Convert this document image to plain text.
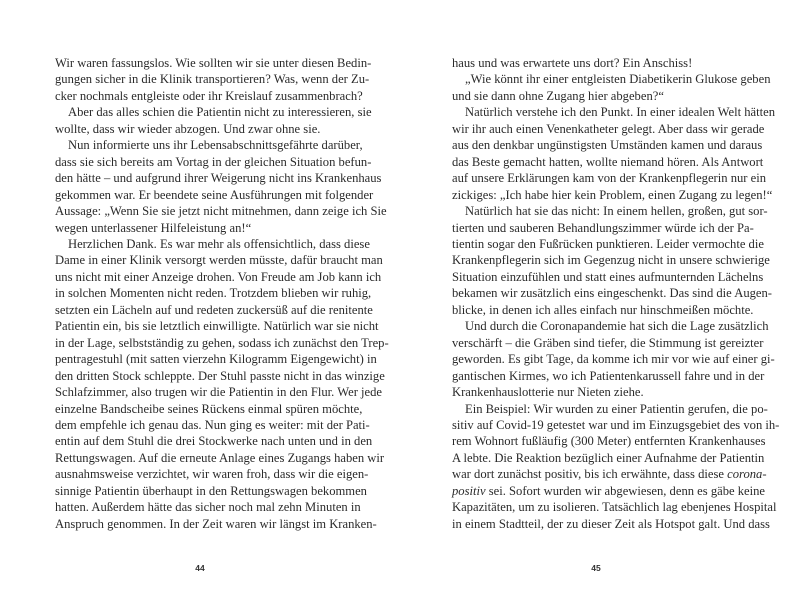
Wir waren fassungslos. Wie sollten wir sie unter diesen Bedin-
gungen sicher in die Klinik transportieren? Was, wenn der Zu-
cker nochmals entgleiste oder ihr Kreislauf zusammenbrach?
Aber das alles schien die Patientin nicht zu interessieren, sie
wollte, dass wir wieder abzogen. Und zwar ohne sie.
Nun informierte uns ihr Lebensabschnittsgefährte darüber,
dass sie sich bereits am Vortag in der gleichen Situation befun-
den hätte – und aufgrund ihrer Weigerung nicht ins Krankenhaus
gekommen war. Er beendete seine Ausführungen mit folgender
Aussage: „Wenn Sie sie jetzt nicht mitnehmen, dann zeige ich Sie
wegen unterlassener Hilfeleistung an!“
Herzlichen Dank. Es war mehr als offensichtlich, dass diese
Dame in einer Klinik versorgt werden müsste, dafür braucht man
uns nicht mit einer Anzeige drohen. Von Freude am Job kann ich
in solchen Momenten nicht reden. Trotzdem blieben wir ruhig,
setzten ein Lächeln auf und redeten zuckersüß auf die renitente
Patientin ein, bis sie letztlich einwilligte. Natürlich war sie nicht
in der Lage, selbstständig zu gehen, sodass ich zunächst den Trep-
pentragestuhl (mit satten vierzehn Kilogramm Eigengewicht) in
den dritten Stock schleppte. Der Stuhl passte nicht in das winzige
Schlafzimmer, also trugen wir die Patientin in den Flur. Wer jede
einzelne Bandscheibe seines Rückens einmal spüren möchte,
dem empfehle ich genau das. Nun ging es weiter: mit der Pati-
entin auf dem Stuhl die drei Stockwerke nach unten und in den
Rettungswagen. Auf die erneute Anlage eines Zugangs haben wir
ausnahmsweise verzichtet, wir waren froh, dass wir die eigen-
sinnige Patientin überhaupt in den Rettungswagen bekommen
hatten. Außerdem hätte das sicher noch mal zehn Minuten in
Anspruch genommen. In der Zeit waren wir längst im Kranken-
haus und was erwartete uns dort? Ein Anschiss!
„Wie könnt ihr einer entgleisten Diabetikerin Glukose geben
und sie dann ohne Zugang hier abgeben?“
Natürlich verstehe ich den Punkt. In einer idealen Welt hätten
wir ihr auch einen Venenkatheter gelegt. Aber dass wir gerade
aus den denkbar ungünstigsten Umständen kamen und daraus
das Beste gemacht hatten, wollte niemand hören. Als Antwort
auf unsere Erklärungen kam von der Krankenpflegerin nur ein
zickiges: „Ich habe hier kein Problem, einen Zugang zu legen!“
Natürlich hat sie das nicht: In einem hellen, großen, gut sor-
tierten und sauberen Behandlungszimmer würde ich der Pa-
tientin sogar den Fußrücken punktieren. Leider vermochte die
Krankenpflegerin sich im Gegenzug nicht in unsere schwierige
Situation einzufühlen und statt eines aufmunternden Lächelns
bekamen wir zusätzlich eins eingeschenkt. Das sind die Augen-
blicke, in denen ich alles einfach nur hinschmeißen möchte.
Und durch die Coronapandemie hat sich die Lage zusätzlich
verschärft – die Gräben sind tiefer, die Stimmung ist gereizter
geworden. Es gibt Tage, da komme ich mir vor wie auf einer gi-
gantischen Kirmes, wo ich Patientenkarussell fahre und in der
Krankenhauslotterie nur Nieten ziehe.
Ein Beispiel: Wir wurden zu einer Patientin gerufen, die po-
sitiv auf Covid-19 getestet war und im Einzugsgebiet des von ih-
rem Wohnort fußläufig (300 Meter) entfernten Krankenhauses
A lebte. Die Reaktion bezüglich einer Aufnahme der Patientin
war dort zunächst positiv, bis ich erwähnte, dass diese corona-
positiv sei. Sofort wurden wir abgewiesen, denn es gäbe keine
Kapazitäten, um zu isolieren. Tatsächlich lag ebenjenes Hospital
in einem Stadtteil, der zu dieser Zeit als Hotspot galt. Und dass
44	45
